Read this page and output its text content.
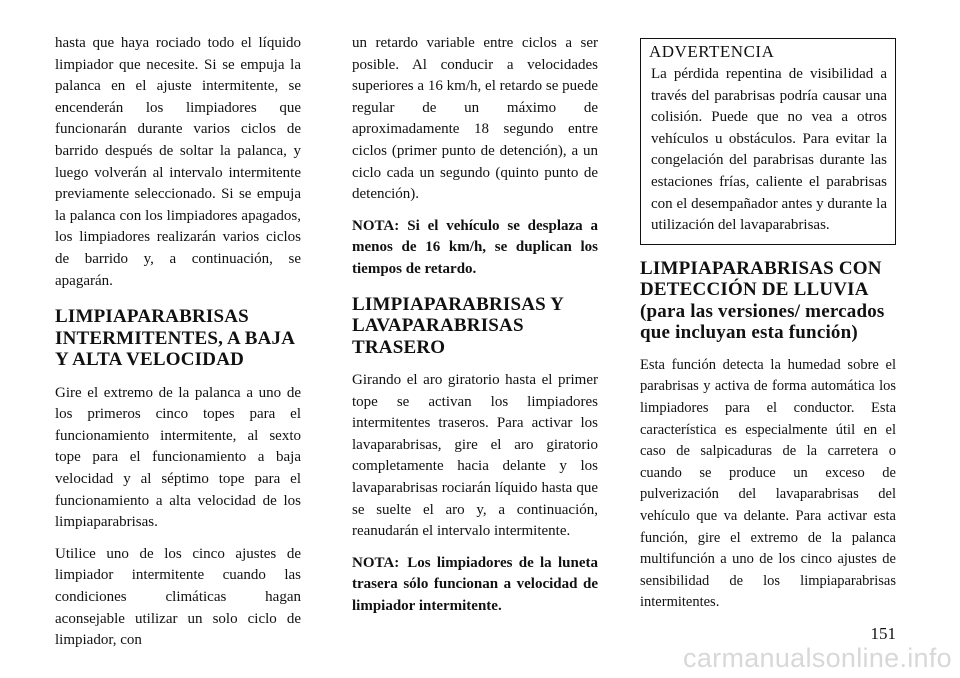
hasta que haya rociado todo el líquido limpiador que necesite. Si se empuja la palanca en el ajuste intermitente, se encenderán los limpiadores que funcionarán durante varios ciclos de barrido después de soltar la palanca, y luego volverán al intervalo intermitente previamente seleccionado. Si se empuja la palanca con los limpiadores apagados, los limpiadores realizarán varios ciclos de barrido y, a continuación, se apagarán.

LIMPIAPARABRISAS INTERMITENTES, A BAJA Y ALTA VELOCIDAD

Gire el extremo de la palanca a uno de los primeros cinco topes para el funcionamiento intermitente, al sexto tope para el funcionamiento a baja velocidad y al séptimo tope para el funcionamiento a alta velocidad de los limpiaparabrisas.

Utilice uno de los cinco ajustes de limpiador intermitente cuando las condiciones climáticas hagan aconsejable utilizar un solo ciclo de limpiador, con

un retardo variable entre ciclos a ser posible. Al conducir a velocidades superiores a 16 km/h, el retardo se puede regular de un máximo de aproximadamente 18 segundo entre ciclos (primer punto de detención), a un ciclo cada un segundo (quinto punto de detención).

NOTA: Si el vehículo se desplaza a menos de 16 km/h, se duplican los tiempos de retardo.

LIMPIAPARABRISAS Y LAVAPARABRISAS TRASERO

Girando el aro giratorio hasta el primer tope se activan los limpiadores intermitentes traseros. Para activar los lavaparabrisas, gire el aro giratorio completamente hacia delante y los lavaparabrisas rociarán líquido hasta que se suelte el aro y, a continuación, reanudarán el intervalo intermitente.

NOTA: Los limpiadores de la luneta trasera sólo funcionan a velocidad de limpiador intermitente.

ADVERTENCIA

La pérdida repentina de visibilidad a través del parabrisas podría causar una colisión. Puede que no vea a otros vehículos u obstáculos. Para evitar la congelación del parabrisas durante las estaciones frías, caliente el parabrisas con el desempañador antes y durante la utilización del lavaparabrisas.

LIMPIAPARABRISAS CON DETECCIÓN DE LLUVIA (para las versiones/ mercados que incluyan esta función)

Esta función detecta la humedad sobre el parabrisas y activa de forma automática los limpiadores para el conductor. Esta característica es especialmente útil en el caso de salpicaduras de la carretera o cuando se produce un exceso de pulverización del lavaparabrisas del vehículo que va delante. Para activar esta función, gire el extremo de la palanca multifunción a uno de los cinco ajustes de sensibilidad de los limpiaparabrisas intermitentes.

151
carmanualsonline.info
